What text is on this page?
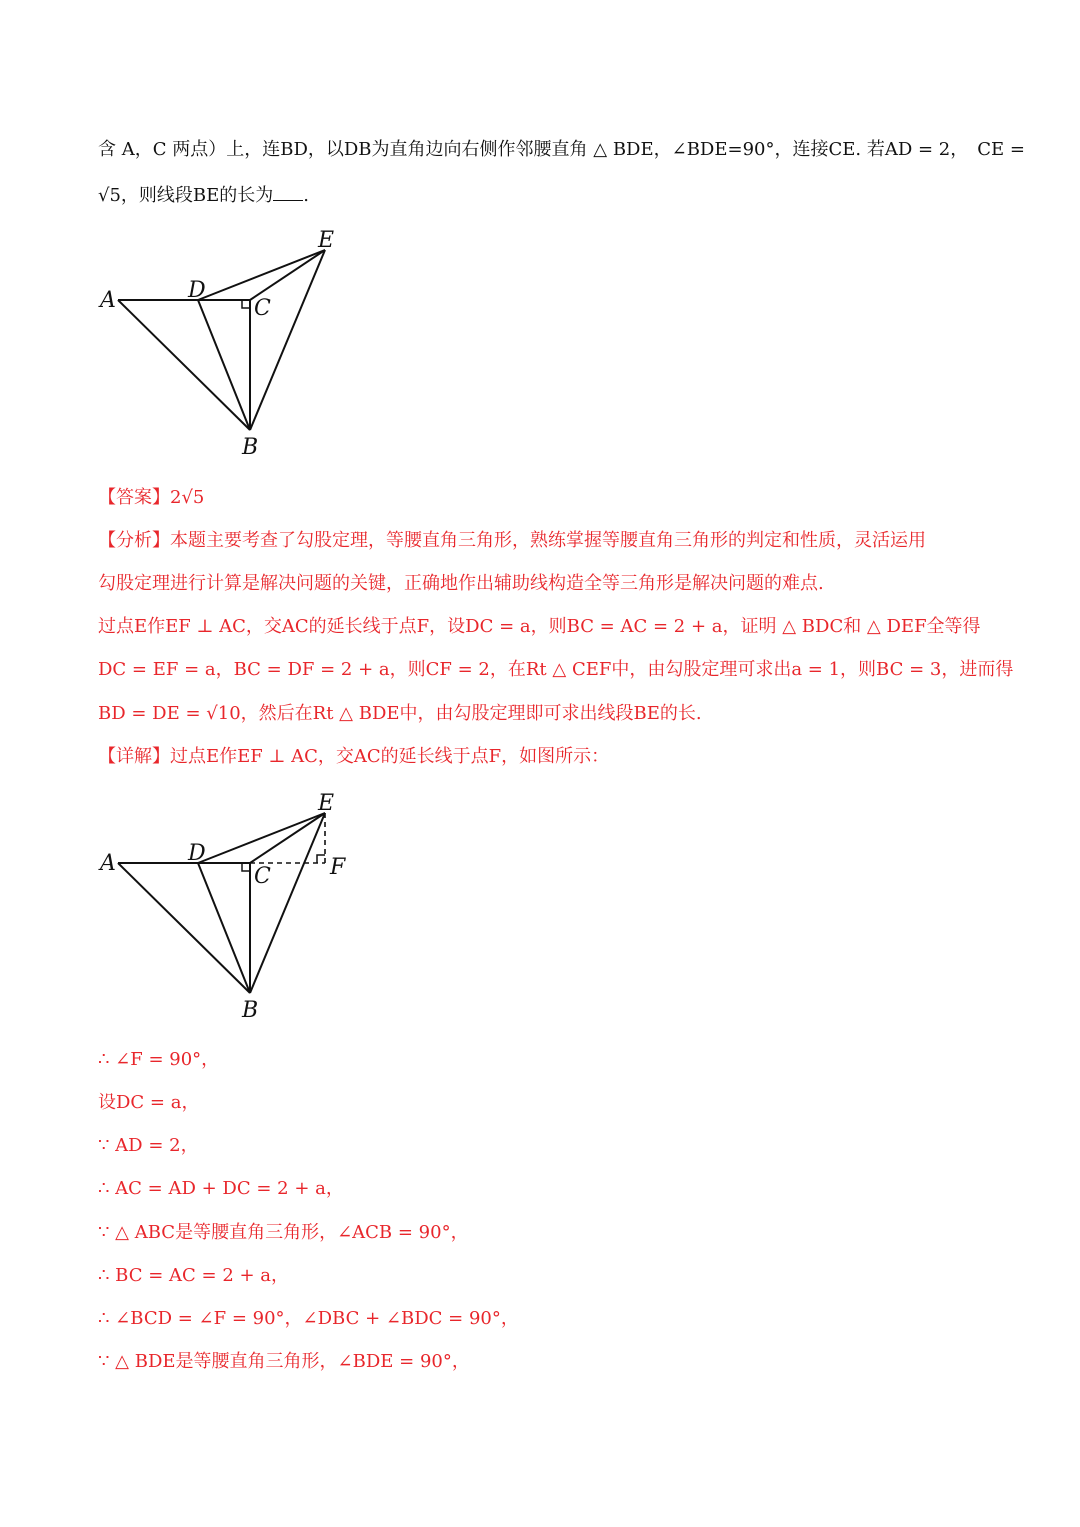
含 A，C 两点）上，连BD，以DB为直角边向右侧作邻腰直角 △ BDE，∠BDE=90°，连接CE. 若AD = 2，　CE =
√5，则线段BE的长为 .
A	D
C
E
B
【答案】2√5
【分析】本题主要考查了勾股定理，等腰直角三角形，熟练掌握等腰直角三角形的判定和性质，灵活运用
勾股定理进行计算是解决问题的关键，正确地作出辅助线构造全等三角形是解决问题的难点.
过点E作EF ⊥ AC，交AC的延长线于点F，设DC = a，则BC = AC = 2 + a，证明 △ BDC和 △ DEF全等得
DC = EF = a，BC = DF = 2 + a，则CF = 2，在Rt △ CEF中，由勾股定理可求出a = 1，则BC = 3，进而得
BD = DE = √10，然后在Rt △ BDE中，由勾股定理即可求出线段BE的长.
【详解】过点E作EF ⊥ AC，交AC的延长线于点F，如图所示：
A	D
C
E
F
B
∴ ∠F = 90°，
设DC = a，
∵ AD = 2，
∴ AC = AD + DC = 2 + a，
∵ △ ABC是等腰直角三角形，∠ACB = 90°，
∴ BC = AC = 2 + a，
∴ ∠BCD = ∠F = 90°，∠DBC + ∠BDC = 90°，
∵ △ BDE是等腰直角三角形，∠BDE = 90°，
